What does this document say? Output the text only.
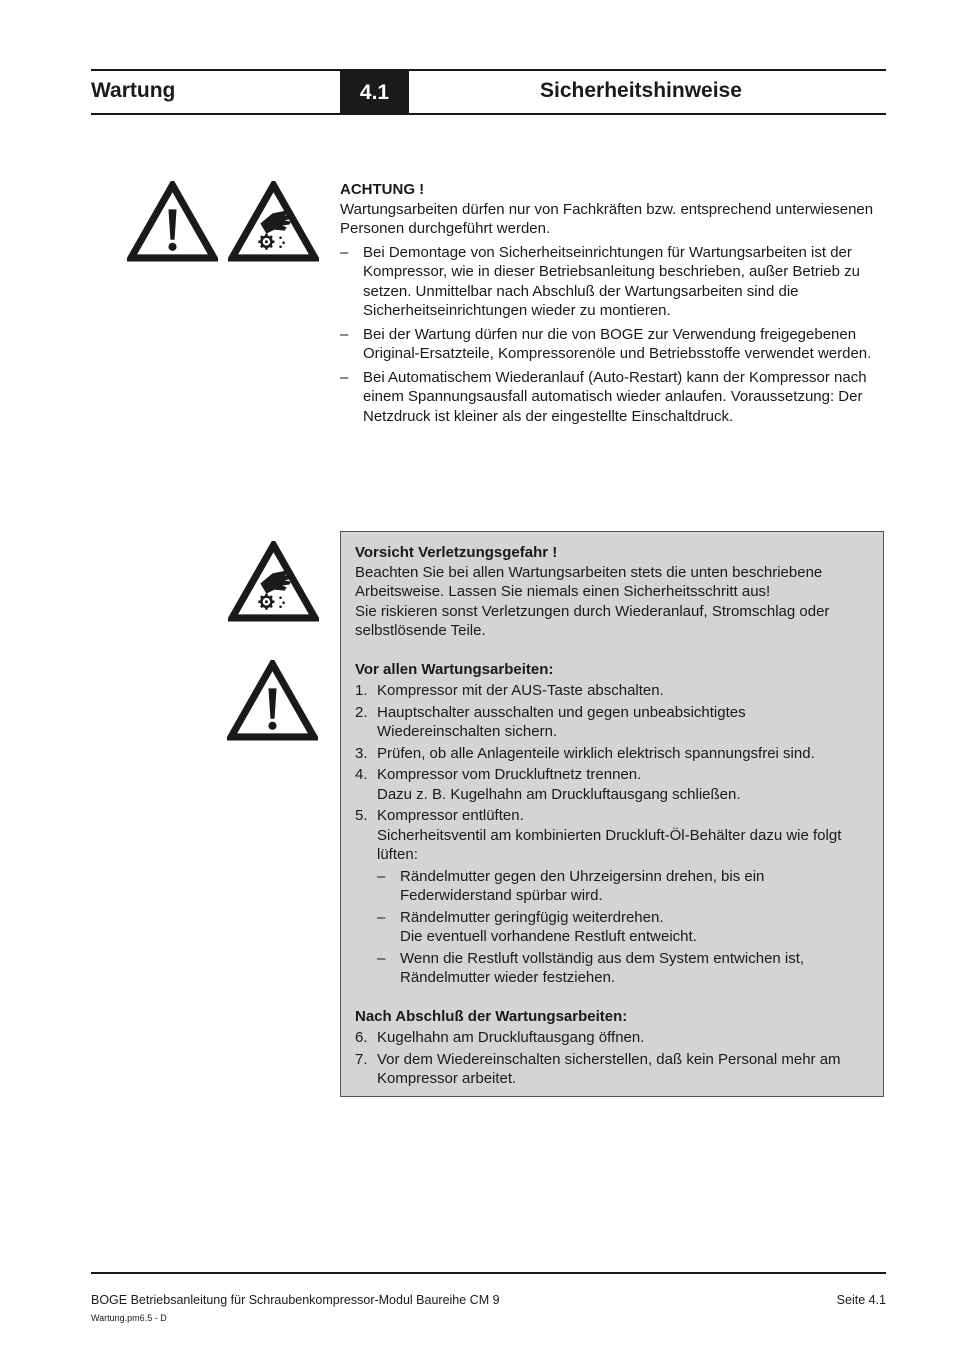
Wartung	4.1	Sicherheitshinweise
ACHTUNG !
Wartungsarbeiten dürfen nur von Fachkräften bzw. entsprechend unterwiesenen Personen durchgeführt werden.
– Bei Demontage von Sicherheitseinrichtungen für Wartungsarbeiten ist der Kompressor, wie in dieser Betriebsanleitung beschrieben, außer Betrieb zu setzen. Unmittelbar nach Abschluß der Wartungsarbeiten sind die Sicherheitseinrichtungen wieder zu montieren.
– Bei der Wartung dürfen nur die von BOGE zur Verwendung freigegebenen Original-Ersatzteile, Kompressorenöle und Betriebsstoffe verwendet werden.
– Bei Automatischem Wiederanlauf (Auto-Restart) kann der Kompressor nach einem Spannungsausfall automatisch wieder anlaufen. Voraussetzung: Der Netzdruck ist kleiner als der eingestellte Einschaltdruck.
Vorsicht Verletzungsgefahr !
Beachten Sie bei allen Wartungsarbeiten stets die unten beschriebene Arbeitsweise. Lassen Sie niemals einen Sicherheitsschritt aus!
Sie riskieren sonst Verletzungen durch Wiederanlauf, Stromschlag oder selbstlösende Teile.
Vor allen Wartungsarbeiten:
1. Kompressor mit der AUS-Taste abschalten.
2. Hauptschalter ausschalten und gegen unbeabsichtigtes Wiedereinschalten sichern.
3. Prüfen, ob alle Anlagenteile wirklich elektrisch spannungsfrei sind.
4. Kompressor vom Druckluftnetz trennen.
Dazu z. B. Kugelhahn am Druckluftausgang schließen.
5. Kompressor entlüften.
Sicherheitsventil am kombinierten Druckluft-Öl-Behälter dazu wie folgt lüften:
– Rändelmutter gegen den Uhrzeigersinn drehen, bis ein Federwiderstand spürbar wird.
– Rändelmutter geringfügig weiterdrehen.
Die eventuell vorhandene Restluft entweicht.
– Wenn die Restluft vollständig aus dem System entwichen ist, Rändelmutter wieder festziehen.
Nach Abschluß der Wartungsarbeiten:
6. Kugelhahn am Druckluftausgang öffnen.
7. Vor dem Wiedereinschalten sicherstellen, daß kein Personal mehr am Kompressor arbeitet.
BOGE Betriebsanleitung für Schraubenkompressor-Modul Baureihe CM 9	Seite 4.1
Wartung.pm6.5 - D
